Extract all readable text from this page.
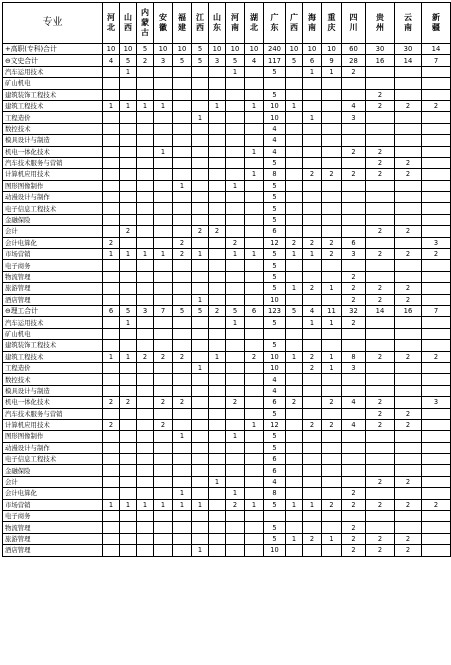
专业	河北	山西	内蒙古	安徽	福建	江西	山东	河南	湖北	广东	广西	海南	重庆	四川	贵州	云南	新疆

+高职(专科)合计	10	10	5	10	10	5	10	10	10	240	10	10	10	60	30	30	14
⊖文史合计	4	5	2	3	5	5	3	5	4	117	5	6	9	28	16	14	7
汽车运用技术		1						1		5		1	1	2			
矿山机电																	
建筑装饰工程技术										5					2		
建筑工程技术	1	1	1	1			1		1	10	1			4	2	2	2
工程造价						1				10		1		3			
数控技术										4							
模具设计与制造										4							
机电一体化技术				1					1	4				2	2		
汽车技术服务与营销										5					2	2	
计算机应用技术									1	8		2	2	2	2	2	
图形图像制作					1			1		5							
动漫设计与制作										5							
电子信息工程技术										5							
金融保险										5							
会计		2				2	2			6					2	2	
会计电算化	2				2			2		12	2	2	2	6			3
市场营销	1	1	1	1	2	1		1	1	5	1	1	2	3	2	2	2
电子商务										5							
物流管理										5				2			
旅游管理										5	1	2	1	2	2	2	
酒店管理						1				10				2	2	2	
⊖理工合计	6	5	3	7	5	5	2	5	6	123	5	4	11	32	14	16	7
汽车运用技术		1						1		5		1	1	2			
矿山机电																	
建筑装饰工程技术										5							
建筑工程技术	1	1	2	2	2		1		2	10	1	2	1	8	2	2	2
工程造价						1				10		2	1	3			
数控技术										4							
模具设计与制造										4							
机电一体化技术	2	2		2	2			2		6	2		2	4	2		3
汽车技术服务与营销										5					2	2	
计算机应用技术	2			2					1	12		2	2	4	2	2	
图形图像制作					1			1		5							
动漫设计与制作										5							
电子信息工程技术										6							
金融保险										6							
会计							1			4					2	2	
会计电算化					1			1		8				2			
市场营销	1	1	1	1	1	1		2	1	5	1	1	2	2	2	2	2
电子商务																	
物流管理										5				2			
旅游管理										5	1	2	1	2	2	2	
酒店管理						1				10				2	2	2	
